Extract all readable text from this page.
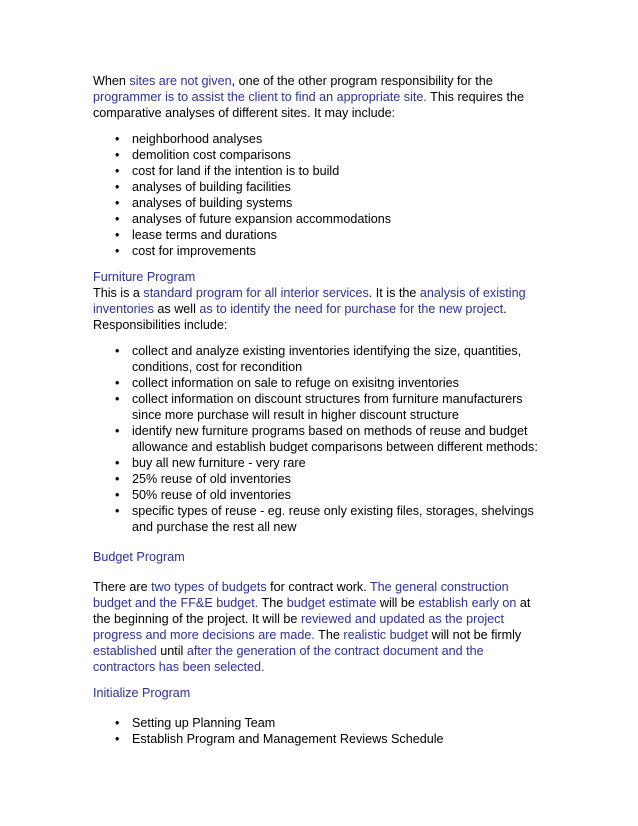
When sites are not given, one of the other program responsibility for the programmer is to assist the client to find an appropriate site. This requires the comparative analyses of different sites. It may include:

• neighborhood analyses
• demolition cost comparisons
• cost for land if the intention is to build
• analyses of building facilities
• analyses of building systems
• analyses of future expansion accommodations
• lease terms and durations
• cost for improvements

Furniture Program

This is a standard program for all interior services. It is the analysis of existing inventories as well as to identify the need for purchase for the new project. Responsibilities include:

• collect and analyze existing inventories identifying the size, quantities, conditions, cost for recondition
• collect information on sale to refuge on exisitng inventories
• collect information on discount structures from furniture manufacturers since more purchase will result in higher discount structure
• identify new furniture programs based on methods of reuse and budget allowance and establish budget comparisons between different methods:
• buy all new furniture - very rare
• 25% reuse of old inventories
• 50% reuse of old inventories
• specific types of reuse - eg. reuse only existing files, storages, shelvings and purchase the rest all new

Budget Program

There are two types of budgets for contract work. The general construction budget and the FF&E budget. The budget estimate will be establish early on at the beginning of the project. It will be reviewed and updated as the project progress and more decisions are made. The realistic budget will not be firmly established until after the generation of the contract document and the contractors has been selected.

Initialize Program

• Setting up Planning Team
• Establish Program and Management Reviews Schedule
